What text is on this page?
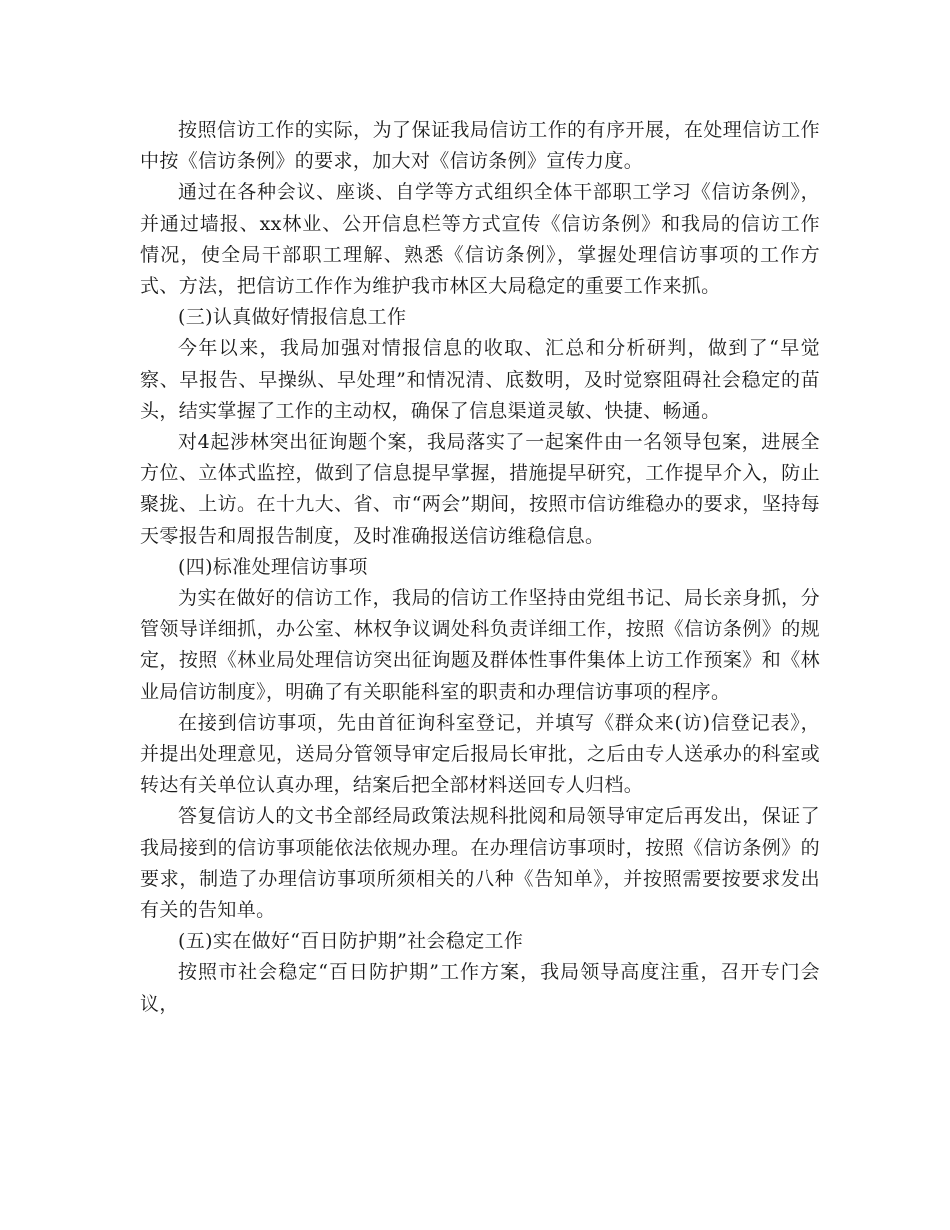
按照信访工作的实际，为了保证我局信访工作的有序开展，在处理信访工作中按《信访条例》的要求，加大对《信访条例》宣传力度。

通过在各种会议、座谈、自学等方式组织全体干部职工学习《信访条例》，并通过墙报、xx林业、公开信息栏等方式宣传《信访条例》和我局的信访工作情况，使全局干部职工理解、熟悉《信访条例》，掌握处理信访事项的工作方式、方法，把信访工作作为维护我市林区大局稳定的重要工作来抓。

(三)认真做好情报信息工作

今年以来，我局加强对情报信息的收取、汇总和分析研判，做到了“早觉察、早报告、早操纵、早处理”和情况清、底数明，及时觉察阻碍社会稳定的苗头，结实掌握了工作的主动权，确保了信息渠道灵敏、快捷、畅通。

对4起涉林突出征询题个案，我局落实了一起案件由一名领导包案，进展全方位、立体式监控，做到了信息提早掌握，措施提早研究，工作提早介入，防止聚拢、上访。在十九大、省、市“两会”期间，按照市信访维稳办的要求，坚持每天零报告和周报告制度，及时准确报送信访维稳信息。

(四)标准处理信访事项

为实在做好的信访工作，我局的信访工作坚持由党组书记、局长亲身抓，分管领导详细抓，办公室、林权争议调处科负责详细工作，按照《信访条例》的规定，按照《林业局处理信访突出征询题及群体性事件集体上访工作预案》和《林业局信访制度》，明确了有关职能科室的职责和办理信访事项的程序。

在接到信访事项，先由首征询科室登记，并填写《群众来(访)信登记表》，并提出处理意见，送局分管领导审定后报局长审批，之后由专人送承办的科室或转达有关单位认真办理，结案后把全部材料送回专人归档。

答复信访人的文书全部经局政策法规科批阅和局领导审定后再发出，保证了我局接到的信访事项能依法依规办理。在办理信访事项时，按照《信访条例》的要求，制造了办理信访事项所须相关的八种《告知单》，并按照需要按要求发出有关的告知单。

(五)实在做好“百日防护期”社会稳定工作

按照市社会稳定“百日防护期”工作方案，我局领导高度注重，召开专门会议，
